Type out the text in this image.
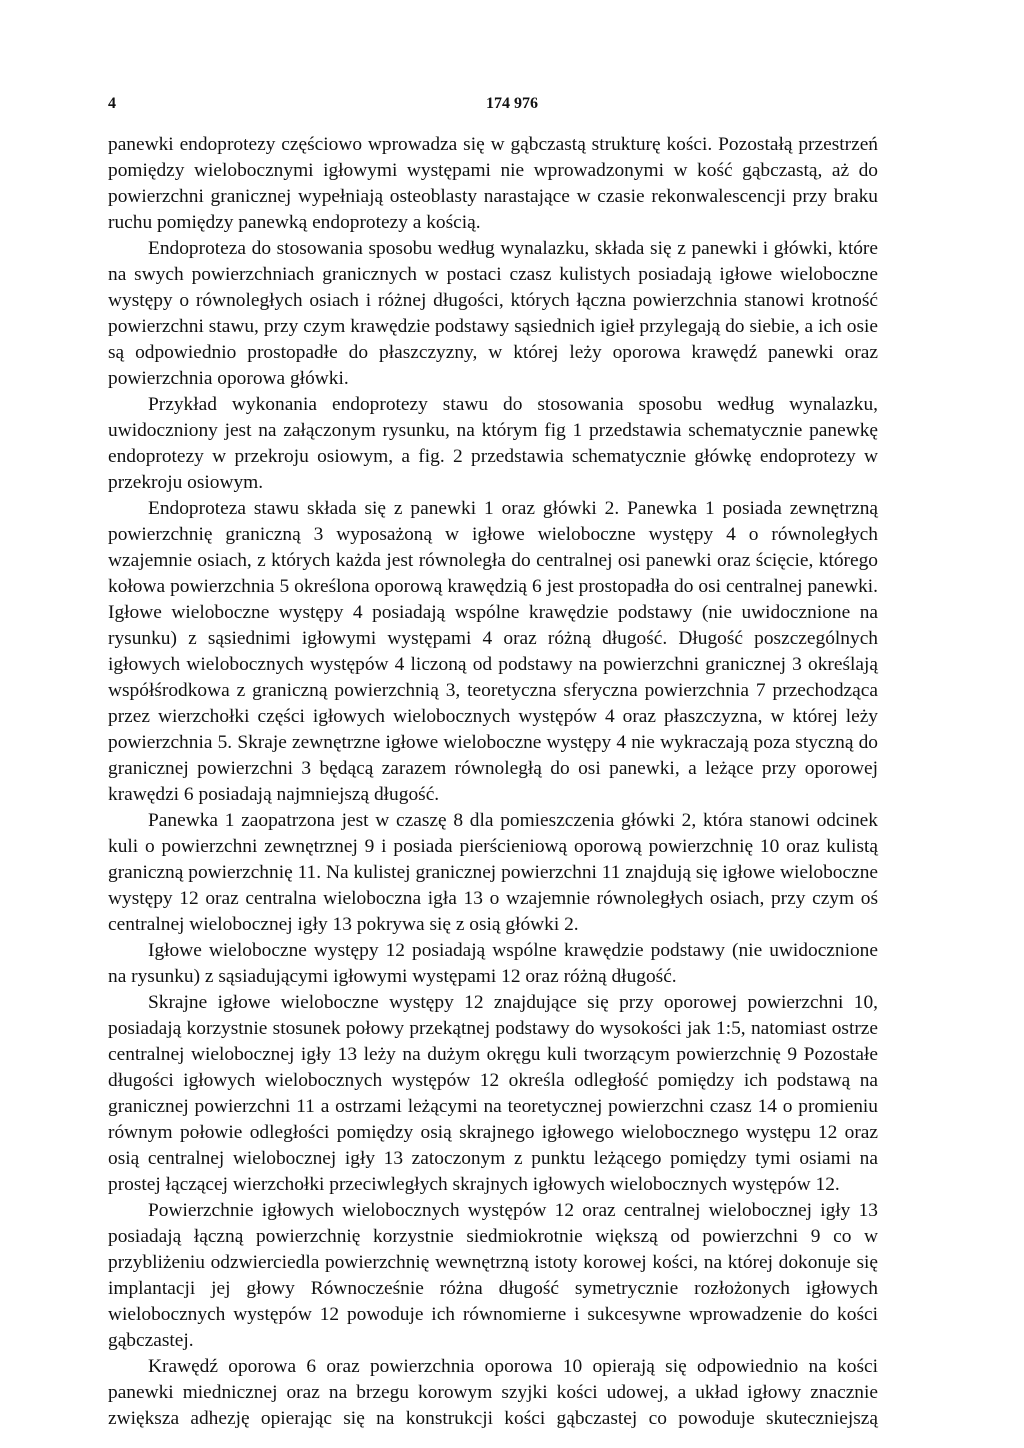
4	174 976

panewki endoprotezy częściowo wprowadza się w gąbczastą strukturę kości. Pozostałą przestrzeń pomiędzy wielobocznymi igłowymi występami nie wprowadzonymi w kość gąbczastą, aż do powierzchni granicznej wypełniają osteoblasty narastające w czasie rekonwalescencji przy braku ruchu pomiędzy panewką endoprotezy a kością.

Endoproteza do stosowania sposobu według wynalazku, składa się z panewki i główki, które na swych powierzchniach granicznych w postaci czasz kulistych posiadają igłowe wieloboczne występy o równoległych osiach i różnej długości, których łączna powierzchnia stanowi krotność powierzchni stawu, przy czym krawędzie podstawy sąsiednich igieł przylegają do siebie, a ich osie są odpowiednio prostopadłe do płaszczyzny, w której leży oporowa krawędź panewki oraz powierzchnia oporowa główki.

Przykład wykonania endoprotezy stawu do stosowania sposobu według wynalazku, uwidoczniony jest na załączonym rysunku, na którym fig 1 przedstawia schematycznie panewkę endoprotezy w przekroju osiowym, a fig. 2 przedstawia schematycznie główkę endoprotezy w przekroju osiowym.

Endoproteza stawu składa się z panewki 1 oraz główki 2. Panewka 1 posiada zewnętrzną powierzchnię graniczną 3 wyposażoną w igłowe wieloboczne występy 4 o równoległych wzajemnie osiach, z których każda jest równoległa do centralnej osi panewki oraz ścięcie, którego kołowa powierzchnia 5 określona oporową krawędzią 6 jest prostopadła do osi centralnej panewki. Igłowe wieloboczne występy 4 posiadają wspólne krawędzie podstawy (nie uwidocznione na rysunku) z sąsiednimi igłowymi występami 4 oraz różną długość. Długość poszczególnych igłowych wielobocznych występów 4 liczoną od podstawy na powierzchni granicznej 3 określają współśrodkowa z graniczną powierzchnią 3, teoretyczna sferyczna powierzchnia 7 przechodząca przez wierzchołki części igłowych wielobocznych występów 4 oraz płaszczyzna, w której leży powierzchnia 5. Skraje zewnętrzne igłowe wieloboczne występy 4 nie wykraczają poza styczną do granicznej powierzchni 3 będącą zarazem równoległą do osi panewki, a leżące przy oporowej krawędzi 6 posiadają najmniejszą długość.

Panewka 1 zaopatrzona jest w czaszę 8 dla pomieszczenia główki 2, która stanowi odcinek kuli o powierzchni zewnętrznej 9 i posiada pierścieniową oporową powierzchnię 10 oraz kulistą graniczną powierzchnię 11. Na kulistej granicznej powierzchni 11 znajdują się igłowe wieloboczne występy 12 oraz centralna wieloboczna igła 13 o wzajemnie równoległych osiach, przy czym oś centralnej wielobocznej igły 13 pokrywa się z osią główki 2.

Igłowe wieloboczne występy 12 posiadają wspólne krawędzie podstawy (nie uwidocznione na rysunku) z sąsiadującymi igłowymi występami 12 oraz różną długość.

Skrajne igłowe wieloboczne występy 12 znajdujące się przy oporowej powierzchni 10, posiadają korzystnie stosunek połowy przekątnej podstawy do wysokości jak 1:5, natomiast ostrze centralnej wielobocznej igły 13 leży na dużym okręgu kuli tworzącym powierzchnię 9 Pozostałe długości igłowych wielobocznych występów 12 określa odległość pomiędzy ich podstawą na granicznej powierzchni 11 a ostrzami leżącymi na teoretycznej powierzchni czasz 14 o promieniu równym połowie odległości pomiędzy osią skrajnego igłowego wielobocznego występu 12 oraz osią centralnej wielobocznej igły 13 zatoczonym z punktu leżącego pomiędzy tymi osiami na prostej łączącej wierzchołki przeciwległych skrajnych igłowych wielobocznych występów 12.

Powierzchnie igłowych wielobocznych występów 12 oraz centralnej wielobocznej igły 13 posiadają łączną powierzchnię korzystnie siedmiokrotnie większą od powierzchni 9 co w przybliżeniu odzwierciedla powierzchnię wewnętrzną istoty korowej kości, na której dokonuje się implantacji jej głowy Równocześnie różna długość symetrycznie rozłożonych igłowych wielobocznych występów 12 powoduje ich równomierne i sukcesywne wprowadzenie do kości gąbczastej.

Krawędź oporowa 6 oraz powierzchnia oporowa 10 opierają się odpowiednio na kości panewki miednicznej oraz na brzegu korowym szyjki kości udowej, a układ igłowy znacznie zwiększa adhezję opierając się na konstrukcji kości gąbczastej co powoduje skuteczniejszą
